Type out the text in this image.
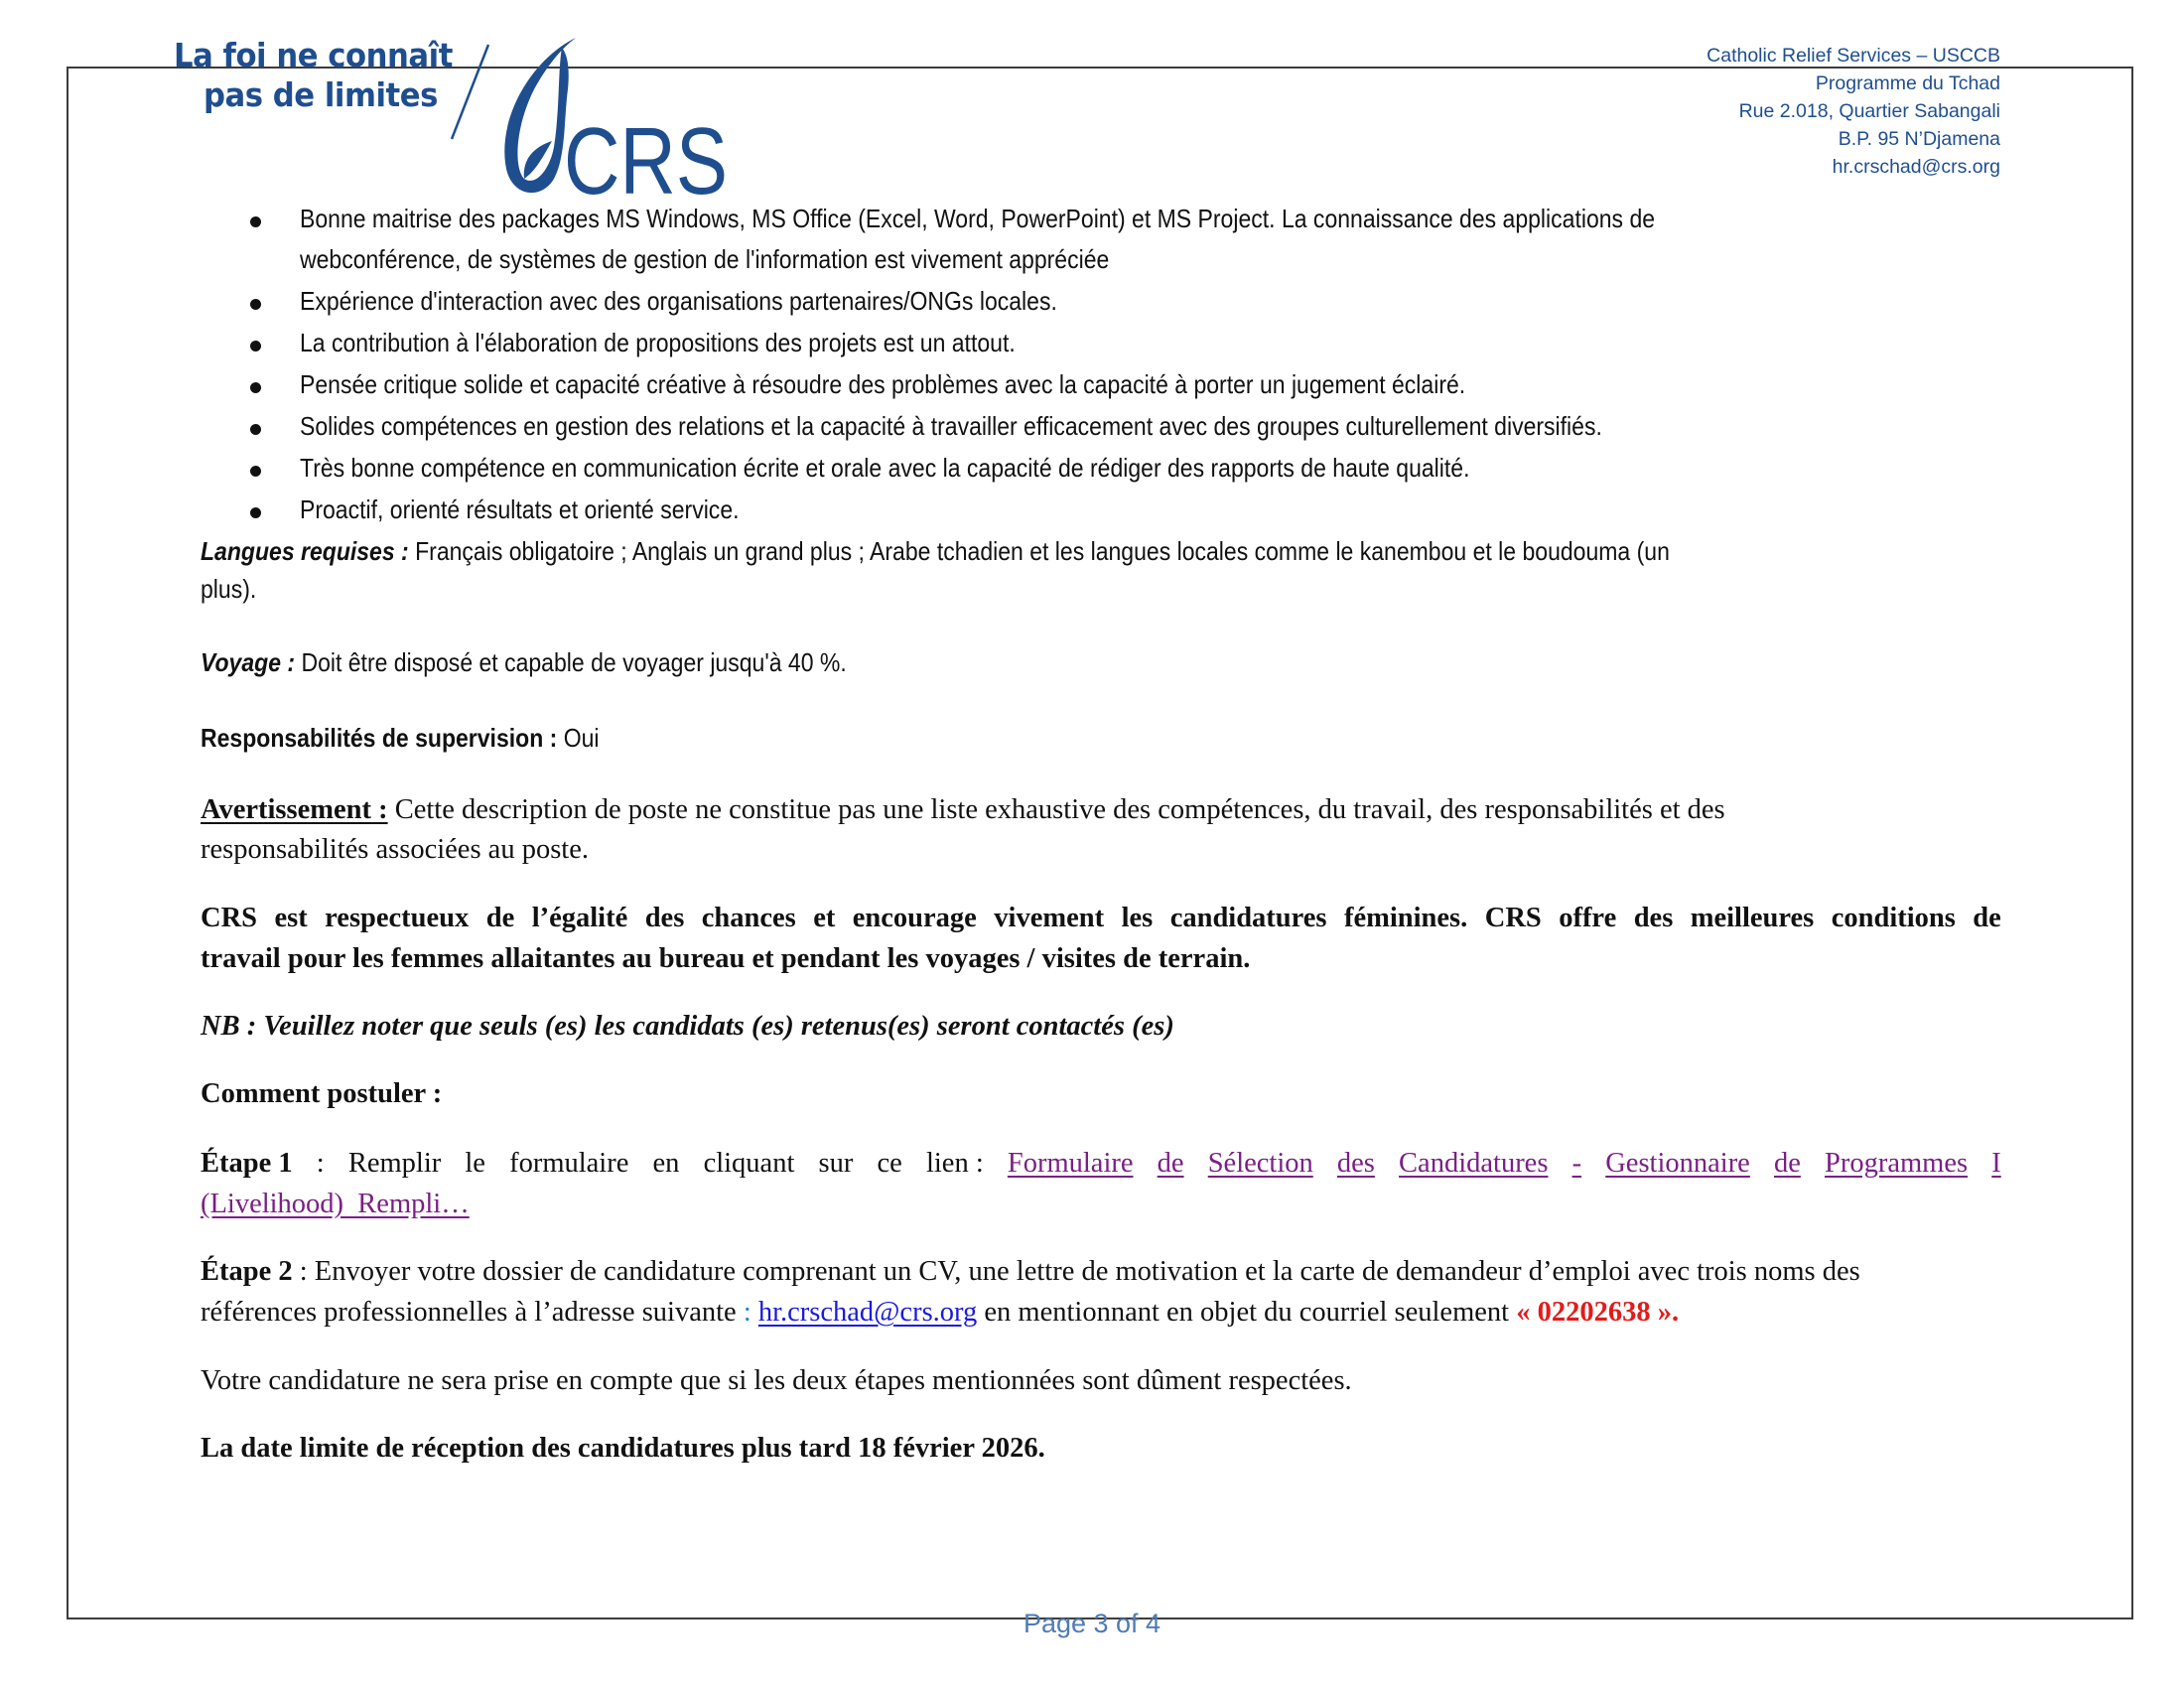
La foi ne connaît
pas de limites
CRS
Catholic Relief Services – USCCB
Programme du Tchad
Rue 2.018, Quartier Sabangali
B.P. 95 N’Djamena
hr.crschad@crs.org
Bonne maitrise des packages MS Windows, MS Office (Excel, Word, PowerPoint) et MS Project. La connaissance des applications de
webconférence, de systèmes de gestion de l'information est vivement appréciée
Expérience d'interaction avec des organisations partenaires/ONGs locales.
La contribution à l'élaboration de propositions des projets est un attout.
Pensée critique solide et capacité créative à résoudre des problèmes avec la capacité à porter un jugement éclairé.
Solides compétences en gestion des relations et la capacité à travailler efficacement avec des groupes culturellement diversifiés.
Très bonne compétence en communication écrite et orale avec la capacité de rédiger des rapports de haute qualité.
Proactif, orienté résultats et orienté service.
Langues requises : Français obligatoire ; Anglais un grand plus ; Arabe tchadien et les langues locales comme le kanembou et le boudouma (un
plus).
Voyage : Doit être disposé et capable de voyager jusqu'à 40 %.
Responsabilités de supervision : Oui
Avertissement : Cette description de poste ne constitue pas une liste exhaustive des compétences, du travail, des responsabilités et des
responsabilités associées au poste.
CRS est respectueux de l’égalité des chances et encourage vivement les candidatures féminines. CRS offre des meilleures conditions de
travail pour les femmes allaitantes au bureau et pendant les voyages / visites de terrain.
NB : Veuillez noter que seuls (es) les candidats (es) retenus(es) seront contactés (es)
Comment postuler :
Étape 1 : Remplir le formulaire en cliquant sur ce lien : Formulaire de Sélection des Candidatures - Gestionnaire de Programmes I
(Livelihood)  Rempli…
Étape 2 : Envoyer votre dossier de candidature comprenant un CV, une lettre de motivation et la carte de demandeur d’emploi avec trois noms des
références professionnelles à l’adresse suivante : hr.crschad@crs.org en mentionnant en objet du courriel seulement « 02202638 ».
Votre candidature ne sera prise en compte que si les deux étapes mentionnées sont dûment respectées.
La date limite de réception des candidatures plus tard 18 février 2026.
Page 3 of 4
